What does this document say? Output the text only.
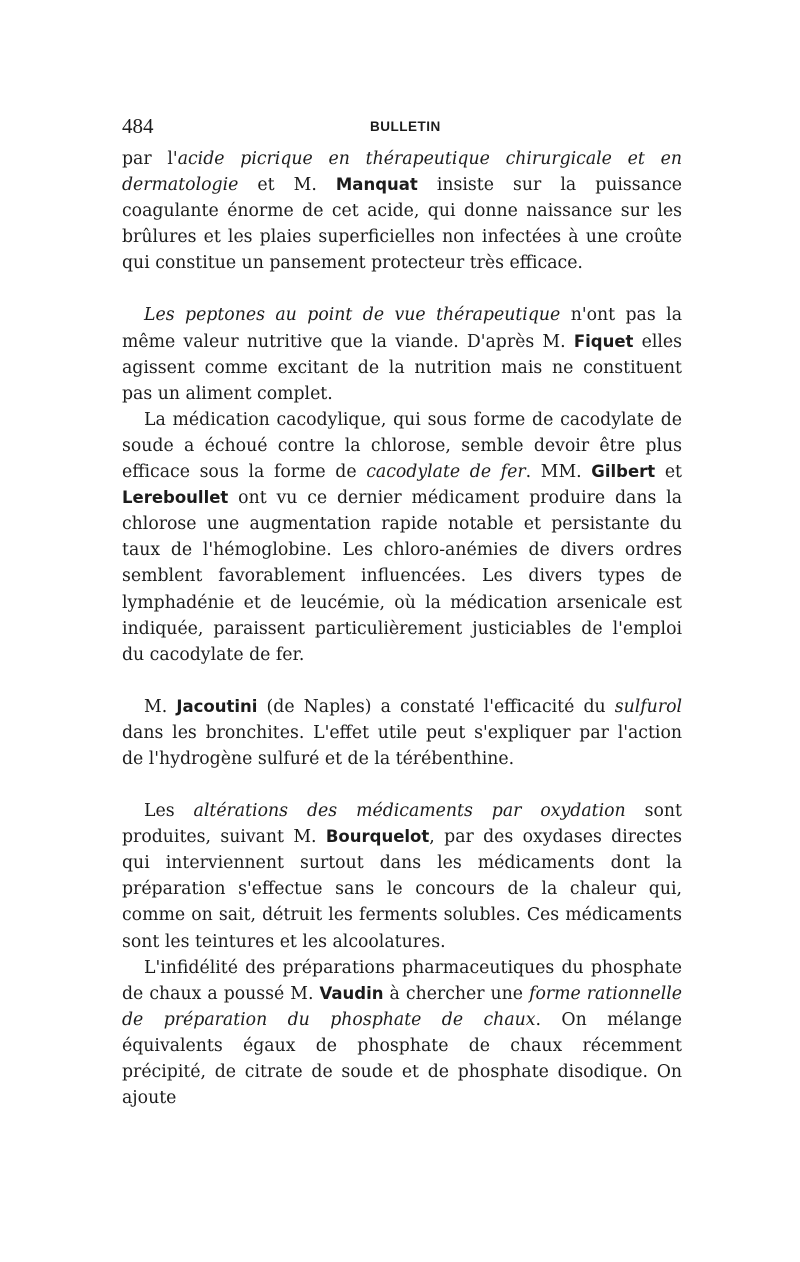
484	BULLETIN

par l'acide picrique en thérapeutique chirurgicale et en dermatologie et M. Manquat insiste sur la puissance coagulante énorme de cet acide, qui donne naissance sur les brûlures et les plaies superficielles non infectées à une croûte qui constitue un pansement protecteur très efficace.

Les peptones au point de vue thérapeutique n'ont pas la même valeur nutritive que la viande. D'après M. Fiquet elles agissent comme excitant de la nutrition mais ne constituent pas un aliment complet.

La médication cacodylique, qui sous forme de cacodylate de soude a échoué contre la chlorose, semble devoir être plus efficace sous la forme de cacodylate de fer. MM. Gilbert et Lereboullet ont vu ce dernier médicament produire dans la chlorose une augmentation rapide notable et persistante du taux de l'hémoglobine. Les chloro-anémies de divers ordres semblent favorablement influencées. Les divers types de lymphadénie et de leucémie, où la médication arsenicale est indiquée, paraissent particulièrement justiciables de l'emploi du cacodylate de fer.

M. Jacoutini (de Naples) a constaté l'efficacité du sulfurol dans les bronchites. L'effet utile peut s'expliquer par l'action de l'hydrogène sulfuré et de la térébenthine.

Les altérations des médicaments par oxydation sont produites, suivant M. Bourquelot, par des oxydases directes qui interviennent surtout dans les médicaments dont la préparation s'effectue sans le concours de la chaleur qui, comme on sait, détruit les ferments solubles. Ces médicaments sont les teintures et les alcoolatures.

L'infidélité des préparations pharmaceutiques du phosphate de chaux a poussé M. Vaudin à chercher une forme rationnelle de préparation du phosphate de chaux. On mélange équivalents égaux de phosphate de chaux récemment précipité, de citrate de soude et de phosphate disodique. On ajoute
